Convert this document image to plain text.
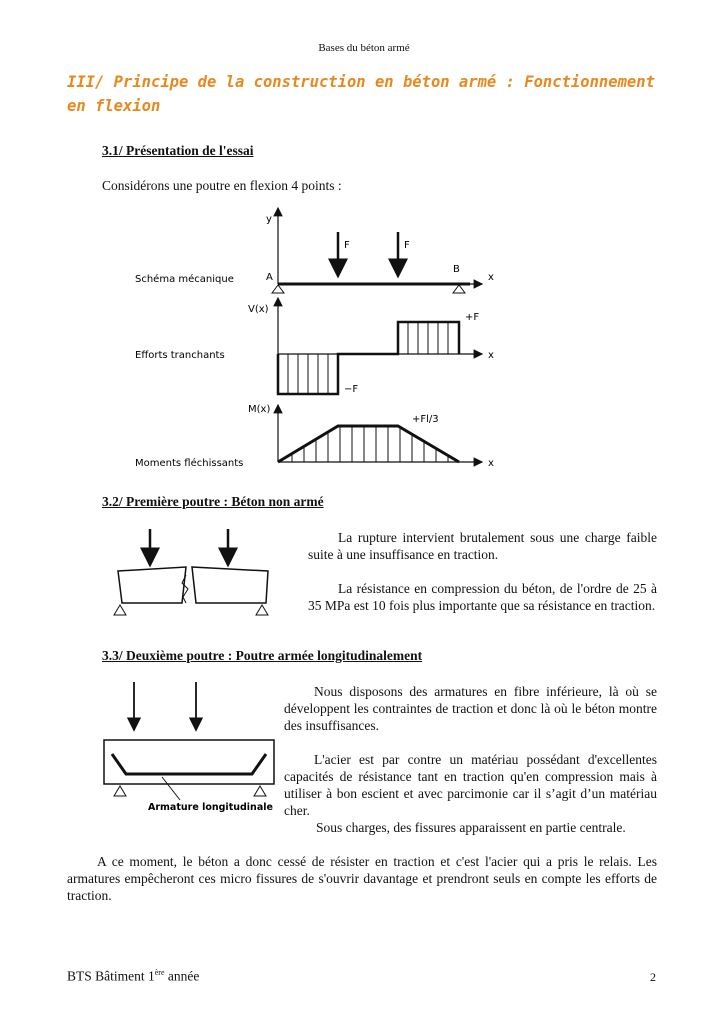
Bases du béton armé
III/ Principe de la construction en béton armé : Fonctionnement en flexion
3.1/ Présentation de l'essai
Considérons une poutre en flexion 4 points :
Schéma mécanique
y
x
A
B
F	F
Efforts tranchants
V(x)
x
+F
−F
Moments fléchissants
M(x)
x
+Fl/3
3.2/ Première poutre : Béton non armé
La rupture intervient brutalement sous une charge faible suite à une insuffisance en traction.
La résistance en compression du béton, de l'ordre de 25 à 35 MPa est 10 fois plus importante que sa résistance en traction.
3.3/ Deuxième poutre : Poutre armée longitudinalement
Armature longitudinale
Nous disposons des armatures en fibre inférieure, là où se développent les contraintes de traction et donc là où le béton montre des insuffisances.
L'acier est par contre un matériau possédant d'excellentes capacités de résistance tant en traction qu'en compression mais à utiliser à bon escient et avec parcimonie car il s’agit d’un matériau cher.
Sous charges, des fissures apparaissent en partie centrale.
A ce moment, le béton a donc cessé de résister en traction et c'est l'acier qui a pris le relais. Les armatures empêcheront ces micro fissures de s'ouvrir davantage et prendront seuls en compte les efforts de traction.
BTS Bâtiment 1ère année	2
